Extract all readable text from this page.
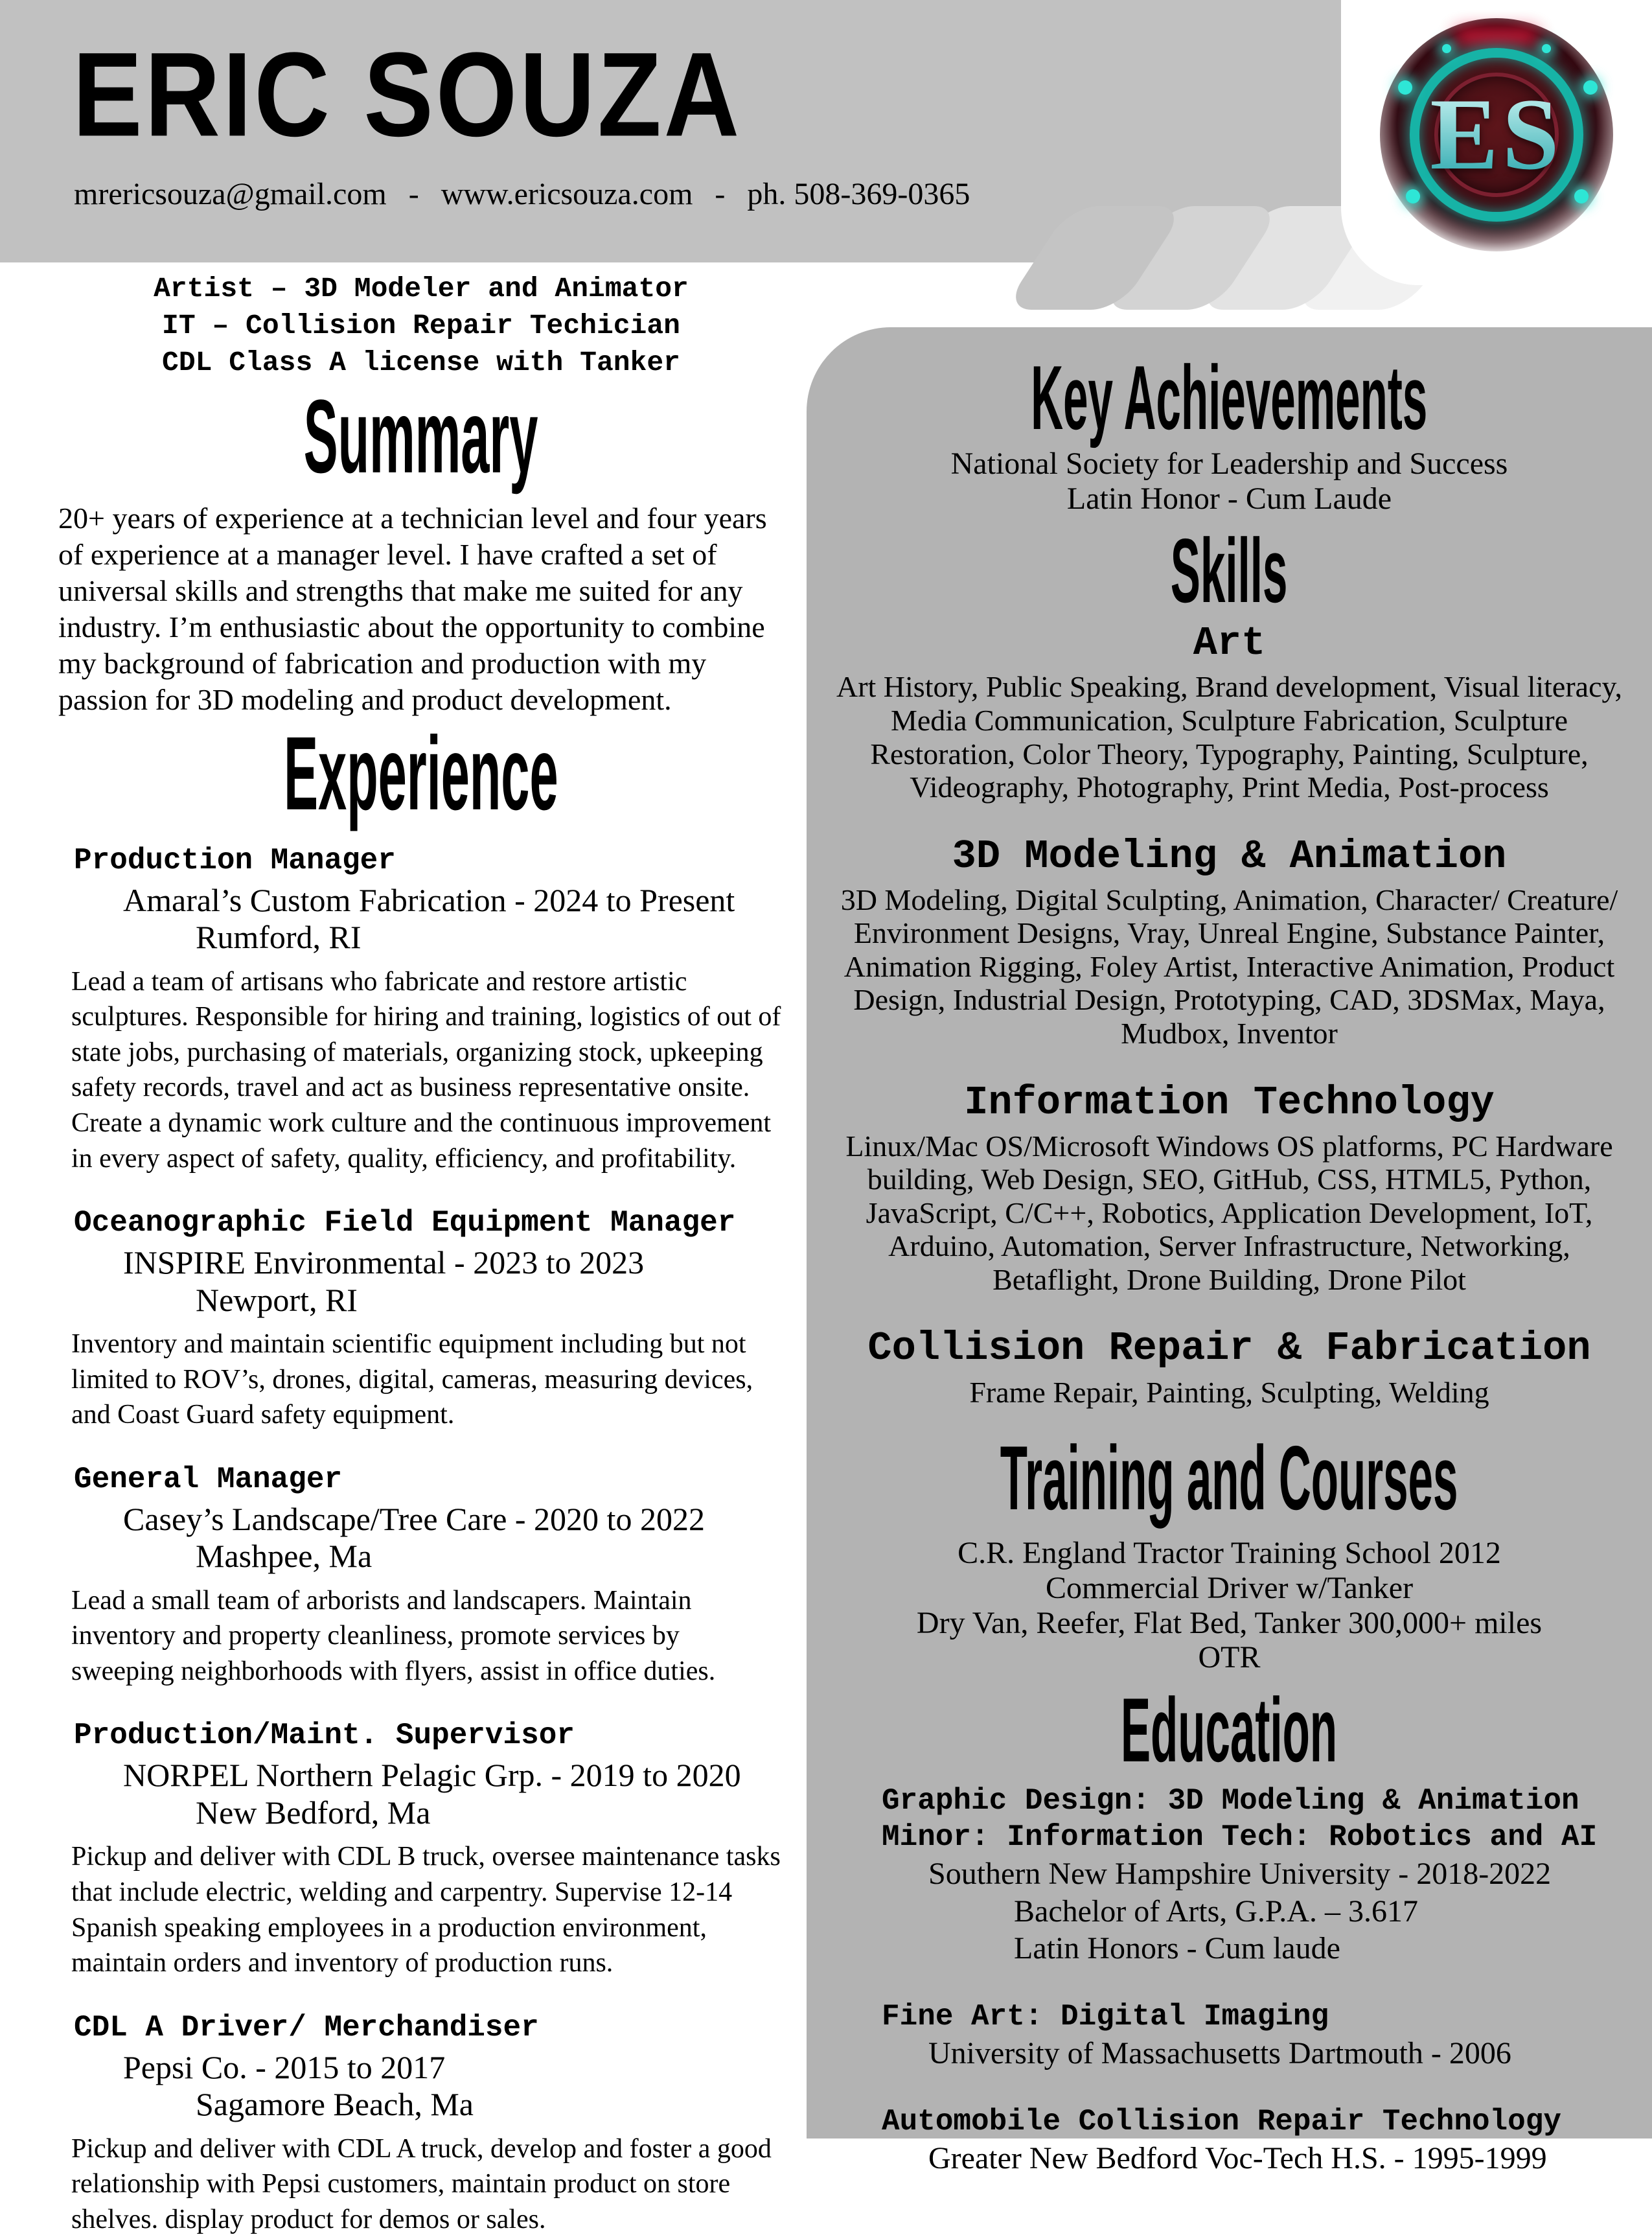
ERIC SOUZA
mrericsouza@gmail.com - www.ericsouza.com - ph. 508-369-0365
ES
Artist – 3D Modeler and Animator
IT – Collision Repair Techician
CDL Class A license with Tanker
Summary
20+ years of experience at a technician level and four years of experience at a manager level. I have crafted a set of universal skills and strengths that make me suited for any industry. I’m enthusiastic about the opportunity to combine my background of fabrication and production with my passion for 3D modeling and product development.
Experience
Production Manager
Amaral’s Custom Fabrication - 2024 to Present
Rumford, RI
Lead a team of artisans who fabricate and restore artistic sculptures. Responsible for hiring and training, logistics of out of state jobs, purchasing of materials, organizing stock, upkeeping safety records, travel and act as business representative onsite. Create a dynamic work culture and the continuous improvement in every aspect of safety, quality, efficiency, and profitability.
Oceanographic Field Equipment Manager
INSPIRE Environmental - 2023 to 2023
Newport, RI
Inventory and maintain scientific equipment including but not limited to ROV’s, drones, digital, cameras, measuring devices, and Coast Guard safety equipment.
General Manager
Casey’s Landscape/Tree Care - 2020 to 2022
Mashpee, Ma
Lead a small team of arborists and landscapers. Maintain inventory and property cleanliness, promote services by sweeping neighborhoods with flyers, assist in office duties.
Production/Maint. Supervisor
NORPEL Northern Pelagic Grp. - 2019 to 2020
New Bedford, Ma
Pickup and deliver with CDL B truck, oversee maintenance tasks that include electric, welding and carpentry. Supervise 12-14 Spanish speaking employees in a production environment, maintain orders and inventory of production runs.
CDL A Driver/ Merchandiser
Pepsi Co. - 2015 to 2017
Sagamore Beach, Ma
Pickup and deliver with CDL A truck, develop and foster a good relationship with Pepsi customers, maintain product on store shelves. display product for demos or sales.
Key Achievements
National Society for Leadership and Success
Latin Honor - Cum Laude
Skills
Art
Art History, Public Speaking, Brand development, Visual literacy, Media Communication, Sculpture Fabrication, Sculpture Restoration, Color Theory, Typography, Painting, Sculpture, Videography, Photography, Print Media, Post-process
3D Modeling & Animation
3D Modeling, Digital Sculpting, Animation, Character/ Creature/ Environment Designs, Vray, Unreal Engine, Substance Painter, Animation Rigging, Foley Artist, Interactive Animation, Product Design, Industrial Design, Prototyping, CAD, 3DSMax, Maya, Mudbox, Inventor
Information Technology
Linux/Mac OS/Microsoft Windows OS platforms, PC Hardware building, Web Design, SEO, GitHub, CSS, HTML5, Python, JavaScript, C/C++, Robotics, Application Development, IoT, Arduino, Automation, Server Infrastructure, Networking, Betaflight, Drone Building, Drone Pilot
Collision Repair & Fabrication
Frame Repair, Painting, Sculpting, Welding
Training and Courses
C.R. England Tractor Training School 2012
Commercial Driver w/Tanker
Dry Van, Reefer, Flat Bed, Tanker 300,000+ miles
OTR
Education
Graphic Design: 3D Modeling & Animation
Minor: Information Tech: Robotics and AI
Southern New Hampshire University - 2018-2022
Bachelor of Arts, G.P.A. – 3.617
Latin Honors - Cum laude
Fine Art: Digital Imaging
University of Massachusetts Dartmouth - 2006
Automobile Collision Repair Technology
Greater New Bedford Voc-Tech H.S. - 1995-1999
